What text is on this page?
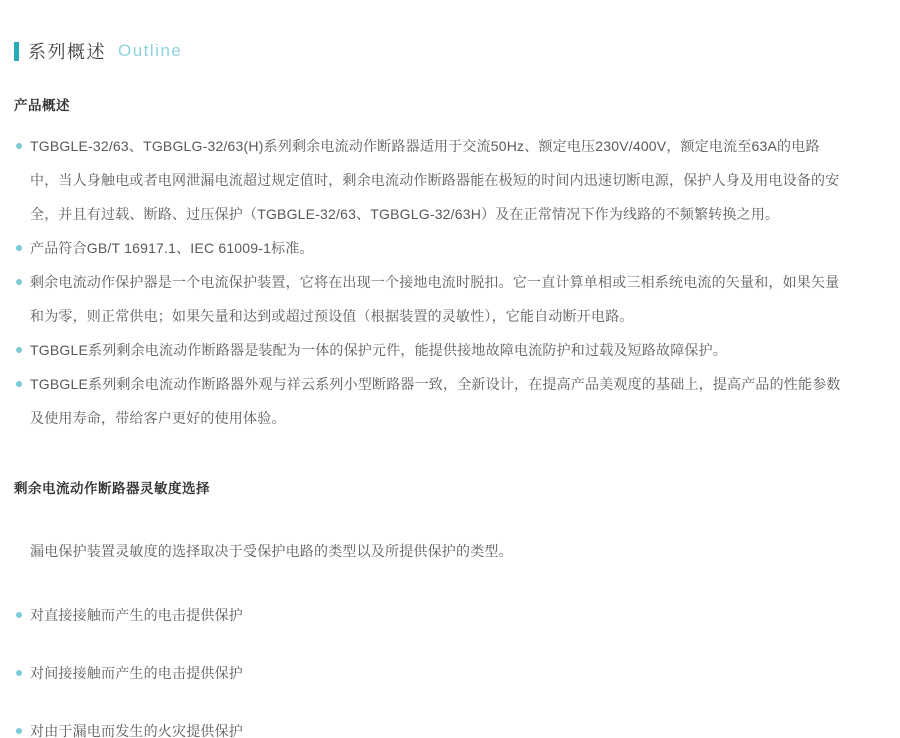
系列概述 Outline
产品概述
TGBGLE-32/63、TGBGLG-32/63(H)系列剩余电流动作断路器适用于交流50Hz、额定电压230V/400V，额定电流至63A的电路中，当人身触电或者电网泄漏电流超过规定值时，剩余电流动作断路器能在极短的时间内迅速切断电源，保护人身及用电设备的安全，并且有过载、断路、过压保护（TGBGLE-32/63、TGBGLG-32/63H）及在正常情况下作为线路的不频繁转换之用。
产品符合GB/T 16917.1、IEC 61009-1标准。
剩余电流动作保护器是一个电流保护装置，它将在出现一个接地电流时脱扣。它一直计算单相或三相系统电流的矢量和，如果矢量和为零，则正常供电；如果矢量和达到或超过预设值（根据装置的灵敏性），它能自动断开电路。
TGBGLE系列剩余电流动作断路器是装配为一体的保护元件，能提供接地故障电流防护和过载及短路故障保护。
TGBGLE系列剩余电流动作断路器外观与祥云系列小型断路器一致，全新设计，在提高产品美观度的基础上，提高产品的性能参数及使用寿命，带给客户更好的使用体验。
剩余电流动作断路器灵敏度选择
漏电保护装置灵敏度的选择取决于受保护电路的类型以及所提供保护的类型。
对直接接触而产生的电击提供保护
对间接接触而产生的电击提供保护
对由于漏电而发生的火灾提供保护
